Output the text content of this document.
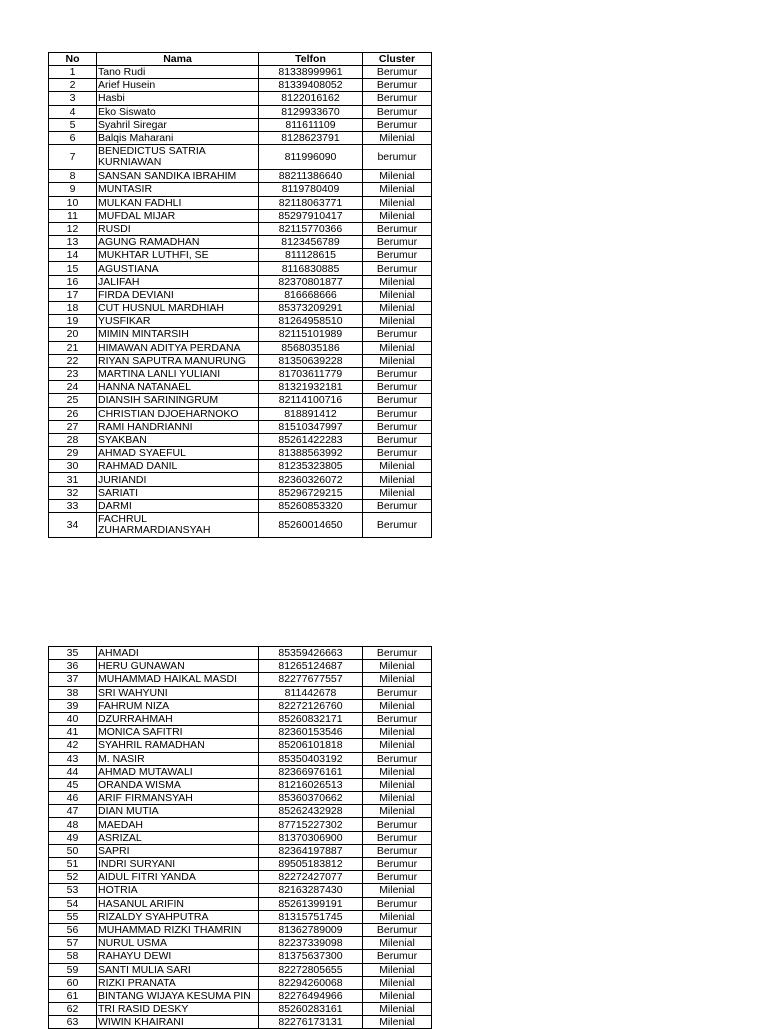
No	Nama	Telfon	Cluster
1	Tano Rudi	81338999961	Berumur
2	Arief Husein	81339408052	Berumur
3	Hasbi	8122016162	Berumur
4	Eko Siswato	8129933670	Berumur
5	Syahril Siregar	811611109	Berumur
6	Balqis Maharani	8128623791	Milenial
7	BENEDICTUS SATRIA KURNIAWAN	811996090	berumur
8	SANSAN SANDIKA IBRAHIM	88211386640	Milenial
9	MUNTASIR	8119780409	Milenial
10	MULKAN FADHLI	82118063771	Milenial
11	MUFDAL MIJAR	85297910417	Milenial
12	RUSDI	82115770366	Berumur
13	AGUNG RAMADHAN	8123456789	Berumur
14	MUKHTAR LUTHFI, SE	811128615	Berumur
15	AGUSTIANA	8116830885	Berumur
16	JALIFAH	82370801877	Milenial
17	FIRDA DEVIANI	816668666	Milenial
18	CUT HUSNUL MARDHIAH	85373209291	Milenial
19	YUSFIKAR	81264958510	Milenial
20	MIMIN MINTARSIH	82115101989	Berumur
21	HIMAWAN ADITYA PERDANA	8568035186	Milenial
22	RIYAN SAPUTRA MANURUNG	81350639228	Milenial
23	MARTINA LANLI YULIANI	81703611779	Berumur
24	HANNA NATANAEL	81321932181	Berumur
25	DIANSIH SARININGRUM	82114100716	Berumur
26	CHRISTIAN DJOEHARNOKO	818891412	Berumur
27	RAMI HANDRIANNI	81510347997	Berumur
28	SYAKBAN	85261422283	Berumur
29	AHMAD SYAEFUL	81388563992	Berumur
30	RAHMAD DANIL	81235323805	Milenial
31	JURIANDI	82360326072	Milenial
32	SARIATI	85296729215	Milenial
33	DARMI	85260853320	Berumur
34	FACHRUL ZUHARMARDIANSYAH	85260014650	Berumur
35	AHMADI	85359426663	Berumur
36	HERU GUNAWAN	81265124687	Milenial
37	MUHAMMAD HAIKAL MASDI	82277677557	Milenial
38	SRI WAHYUNI	811442678	Berumur
39	FAHRUM NIZA	82272126760	Milenial
40	DZURRAHMAH	85260832171	Berumur
41	MONICA SAFITRI	82360153546	Milenial
42	SYAHRIL RAMADHAN	85206101818	Milenial
43	M. NASIR	85350403192	Berumur
44	AHMAD MUTAWALI	82366976161	Milenial
45	ORANDA WISMA	81216026513	Milenial
46	ARIF FIRMANSYAH	85360370662	Milenial
47	DIAN MUTIA	85262432928	Milenial
48	MAEDAH	87715227302	Berumur
49	ASRIZAL	81370306900	Berumur
50	SAPRI	82364197887	Berumur
51	INDRI SURYANI	89505183812	Berumur
52	AIDUL FITRI YANDA	82272427077	Berumur
53	HOTRIA	82163287430	Milenial
54	HASANUL ARIFIN	85261399191	Berumur
55	RIZALDY SYAHPUTRA	81315751745	Milenial
56	MUHAMMAD RIZKI THAMRIN	81362789009	Berumur
57	NURUL USMA	82237339098	Milenial
58	RAHAYU DEWI	81375637300	Berumur
59	SANTI MULIA SARI	82272805655	Milenial
60	RIZKI PRANATA	82294260068	Milenial
61	BINTANG WIJAYA KESUMA PIN	82276494966	Milenial
62	TRI RASID DESKY	85260283161	Milenial
63	WIWIN KHAIRANI	82276173131	Milenial
